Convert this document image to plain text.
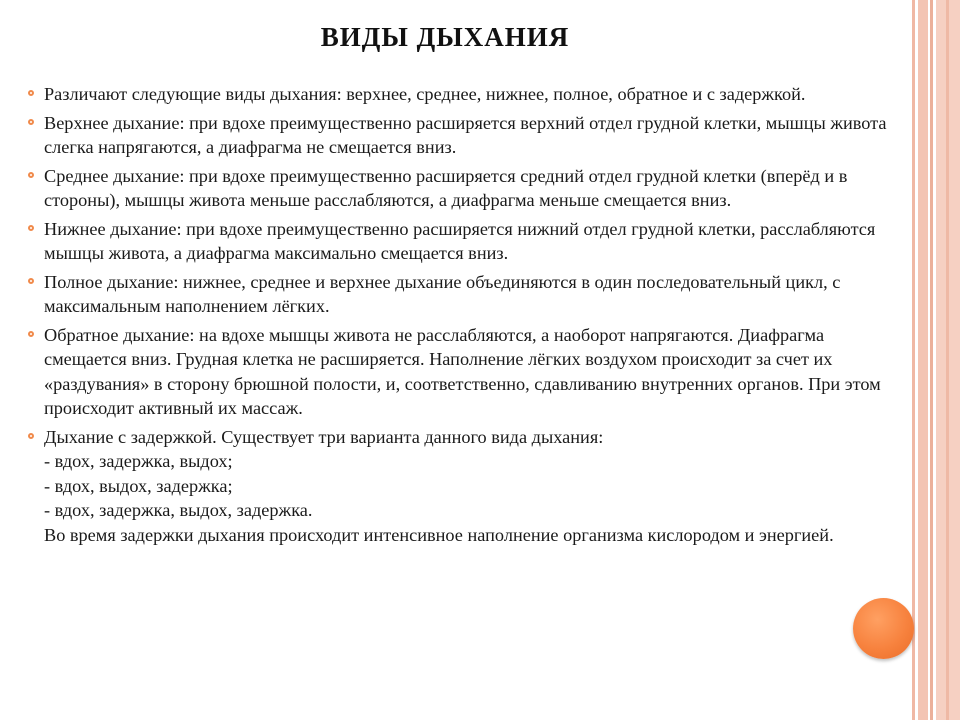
ВИДЫ ДЫХАНИЯ
Различают следующие виды дыхания: верхнее, среднее, нижнее, полное, обратное и с задержкой.
Верхнее дыхание: при вдохе преимущественно расширяется верхний отдел грудной клетки, мышцы живота слегка напрягаются, а диафрагма не смещается вниз.
Среднее дыхание: при вдохе преимущественно расширяется средний отдел грудной клетки (вперёд и в стороны), мышцы живота меньше расслабляются, а диафрагма меньше смещается вниз.
Нижнее дыхание: при вдохе преимущественно расширяется нижний отдел грудной клетки, расслабляются мышцы живота, а диафрагма максимально смещается вниз.
Полное дыхание: нижнее, среднее и верхнее дыхание объединяются в один последовательный цикл, с максимальным наполнением лёгких.
Обратное дыхание: на вдохе мышцы живота не расслабляются, а наоборот напрягаются. Диафрагма смещается вниз. Грудная клетка не расширяется. Наполнение лёгких воздухом происходит за счет их «раздувания» в сторону брюшной полости, и, соответственно, сдавливанию внутренних органов. При этом происходит активный их массаж.
Дыхание с задержкой. Существует три варианта данного вида дыхания:
- вдох, задержка, выдох;
- вдох, выдох, задержка;
- вдох, задержка, выдох, задержка.
Во время задержки дыхания происходит интенсивное наполнение организма кислородом и энергией.
